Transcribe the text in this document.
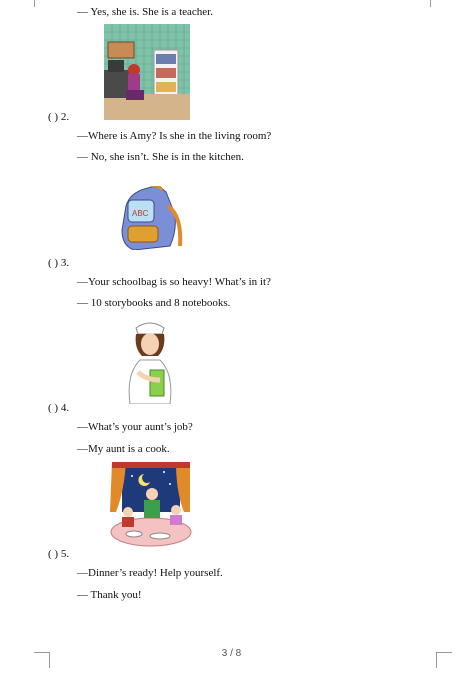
— Yes, she is. She is a teacher.
( ) 2.
—Where is Amy? Is she in the living room?
— No, she isn’t. She is in the kitchen.
ABC
( ) 3.
—Your schoolbag is so heavy! What’s in it?
— 10 storybooks and 8 notebooks.
( ) 4.
—What’s your aunt’s job?
—My aunt is a cook.
( ) 5.
—Dinner’s ready! Help yourself.
— Thank you!
3 / 8
